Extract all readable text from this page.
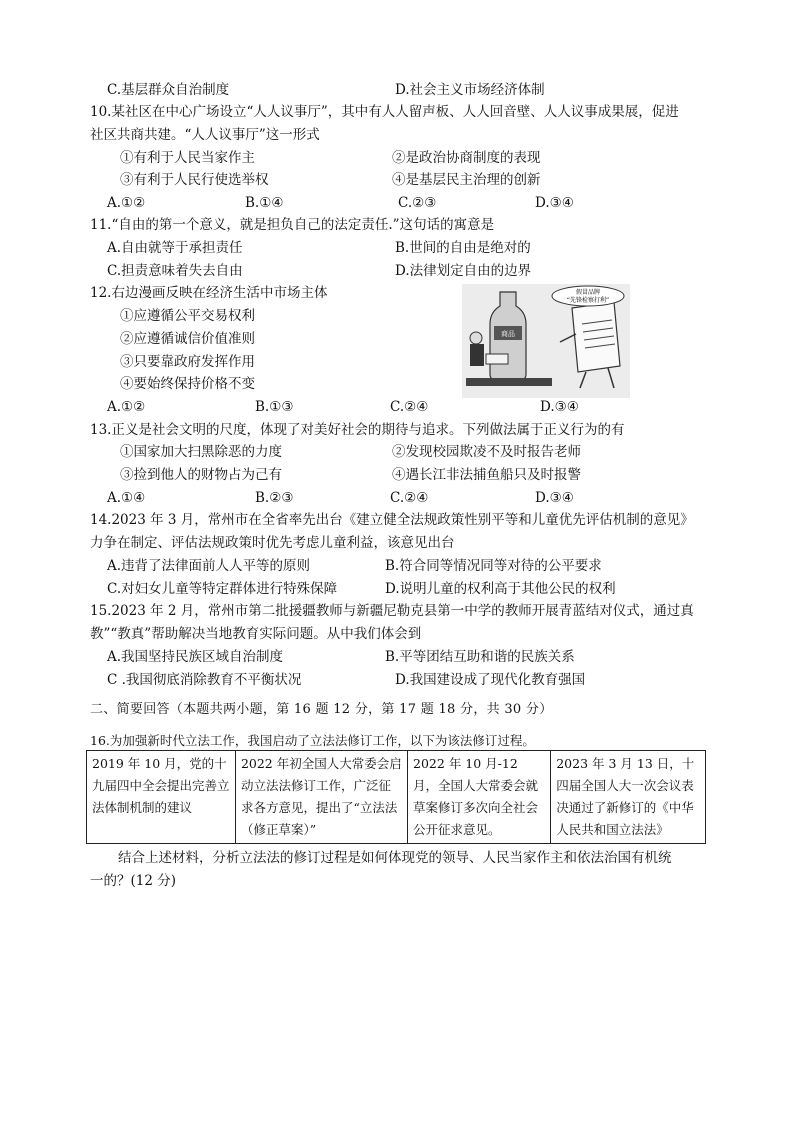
C.基层群众自治制度	D.社会主义市场经济体制
10.某社区在中心广场设立“人人议事厅”，其中有人人留声板、人人回音壁、人人议事成果展，促进
社区共商共建。“人人议事厅”这一形式
①有利于人民当家作主	②是政治协商制度的表现
③有利于人民行使选举权	④是基层民主治理的创新
A.①②	B.①④	C.②③	D.③④
11.“自由的第一个意义，就是担负自己的法定责任.”这句话的寓意是
A.自由就等于承担责任	B.世间的自由是绝对的
C.担责意味着失去自由	D.法律划定自由的边界
12.右边漫画反映在经济生活中市场主体
①应遵循公平交易权利
②应遵循诚信价值准则
③只要靠政府发挥作用
④要始终保持价格不变
A.①②	B.①③	C.②④	D.③④
商品
假冒品牌
“先锋检察打利”
13.正义是社会文明的尺度，体现了对美好社会的期待与追求。下列做法属于正义行为的有
①国家加大扫黑除恶的力度	②发现校园欺凌不及时报告老师
③捡到他人的财物占为己有	④遇长江非法捕鱼船只及时报警
A.①④	B.②③	C.②④	D.③④
14.2023 年 3 月，常州市在全省率先出台《建立健全法规政策性别平等和儿童优先评估机制的意见》
力争在制定、评估法规政策时优先考虑儿童利益，该意见出台
A.违背了法律面前人人平等的原则	B.符合同等情况同等对待的公平要求
C.对妇女儿童等特定群体进行特殊保障	D.说明儿童的权利高于其他公民的权利
15.2023 年 2 月，常州市第二批援疆教师与新疆尼勒克县第一中学的教师开展青蓝结对仪式，通过真
教”“教真”帮助解决当地教育实际问题。从中我们体会到
A.我国坚持民族区域自治制度	B.平等团结互助和谐的民族关系
C .我国彻底消除教育不平衡状况	D.我国建设成了现代化教育强国
二、简要回答（本题共两小题，第 16 题 12 分，第 17 题 18 分，共 30 分）
16.为加强新时代立法工作，我国启动了立法法修订工作，以下为该法修订过程。
2019 年 10 月，党的十九届四中全会提出完善立法体制机制的建议	2022 年初全国人大常委会启动立法法修订工作，广泛征求各方意见，提出了“立法法（修正草案）”	2022 年 10 月-12 月，全国人大常委会就草案修订多次向全社会公开征求意见。	2023 年 3 月 13 日，十四届全国人大一次会议表决通过了新修订的《中华人民共和国立法法》
结合上述材料，分析立法法的修订过程是如何体现党的领导、人民当家作主和依法治国有机统
一的？(12 分)
